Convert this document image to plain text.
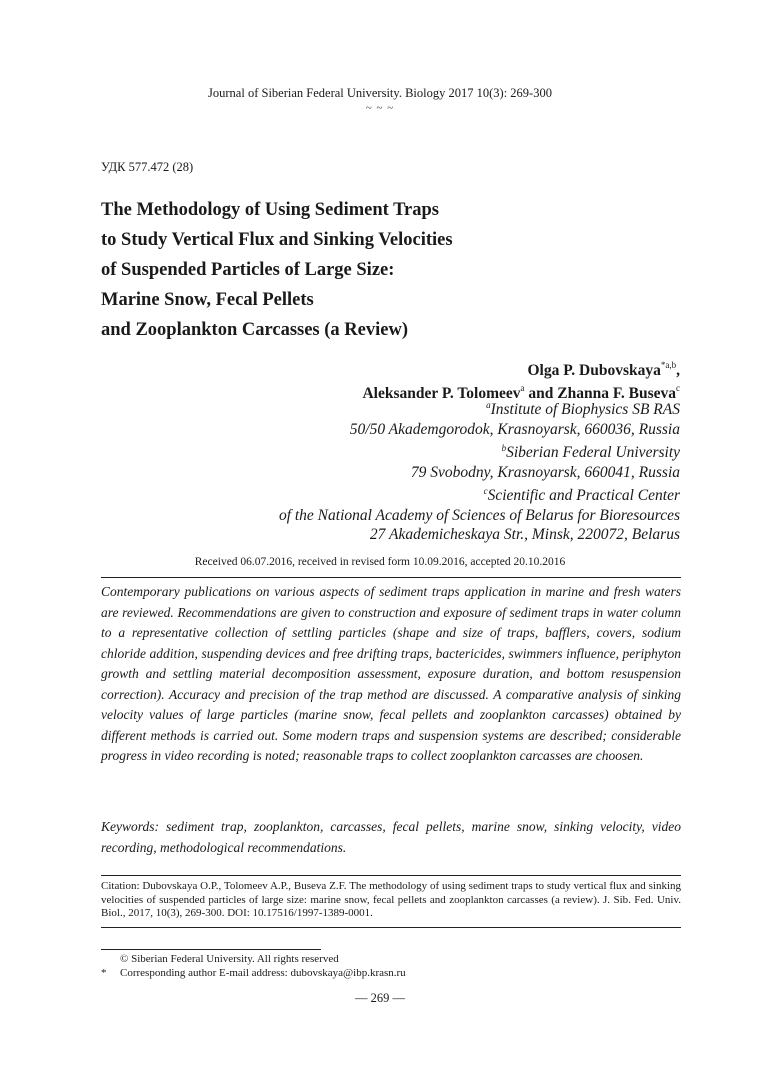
Journal of Siberian Federal University. Biology 2017 10(3): 269-300
~ ~ ~
УДК 577.472 (28)
The Methodology of Using Sediment Traps
to Study Vertical Flux and Sinking Velocities
of Suspended Particles of Large Size:
Marine Snow, Fecal Pellets
and Zooplankton Carcasses (a Review)
Olga P. Dubovskaya$^{*a,b}$,
Aleksander P. Tolomeev$^a$ and Zhanna F. Buseva$^c$
$^a$Institute of Biophysics SB RAS
50/50 Akademgorodok, Krasnoyarsk, 660036, Russia
$^b$Siberian Federal University
79 Svobodny, Krasnoyarsk, 660041, Russia
$^c$Scientific and Practical Center
of the National Academy of Sciences of Belarus for Bioresources
27 Akademicheskaya Str., Minsk, 220072, Belarus
Received 06.07.2016, received in revised form 10.09.2016, accepted 20.10.2016
Contemporary publications on various aspects of sediment traps application in marine and fresh waters are reviewed. Recommendations are given to construction and exposure of sediment traps in water column to a representative collection of settling particles (shape and size of traps, bafflers, covers, sodium chloride addition, suspending devices and free drifting traps, bactericides, swimmers influence, periphyton growth and settling material decomposition assessment, exposure duration, and bottom resuspension correction). Accuracy and precision of the trap method are discussed. A comparative analysis of sinking velocity values of large particles (marine snow, fecal pellets and zooplankton carcasses) obtained by different methods is carried out. Some modern traps and suspension systems are described; considerable progress in video recording is noted; reasonable traps to collect zooplankton carcasses are choosen.
Keywords: sediment trap, zooplankton, carcasses, fecal pellets, marine snow, sinking velocity, video recording, methodological recommendations.
Citation: Dubovskaya O.P., Tolomeev A.P., Buseva Z.F. The methodology of using sediment traps to study vertical flux and sinking velocities of suspended particles of large size: marine snow, fecal pellets and zooplankton carcasses (a review). J. Sib. Fed. Univ. Biol., 2017, 10(3), 269-300. DOI: 10.17516/1997-1389-0001.
© Siberian Federal University. All rights reserved
* Corresponding author E-mail address: dubovskaya@ibp.krasn.ru
— 269 —
